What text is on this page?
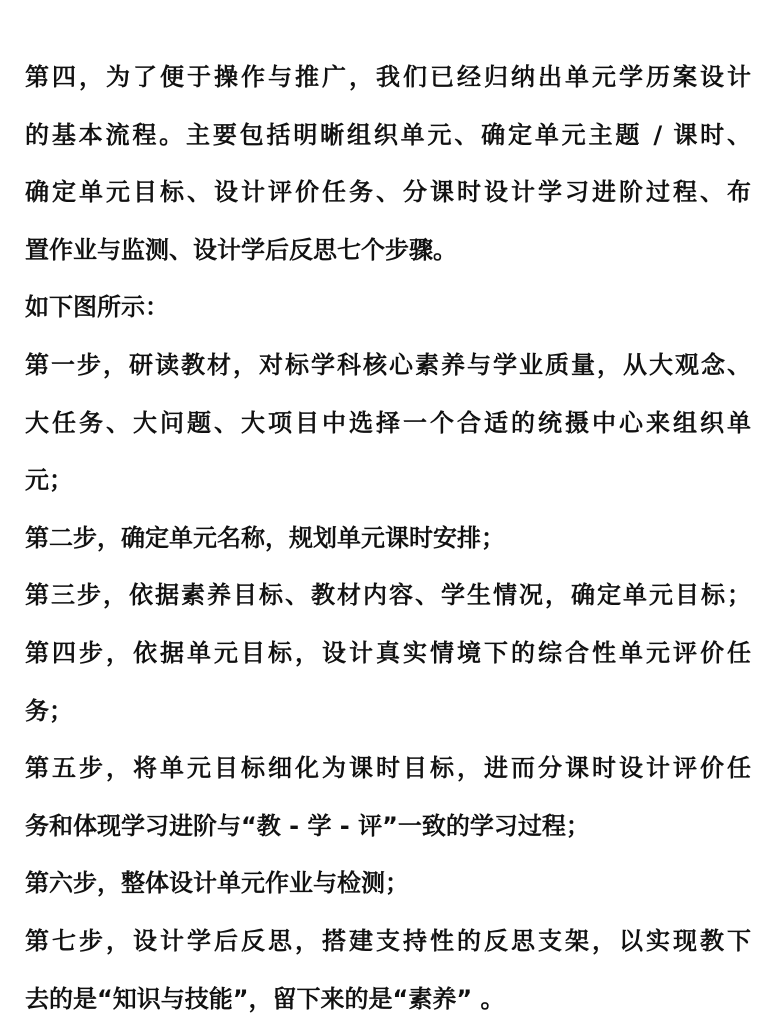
第四，为了便于操作与推广，我们已经归纳出单元学历案设计
的基本流程。主要包括明晰组织单元、确定单元主题 / 课时、
确定单元目标、设计评价任务、分课时设计学习进阶过程、布
置作业与监测、设计学后反思七个步骤。
如下图所示：
第一步，研读教材，对标学科核心素养与学业质量，从大观念、
大任务、大问题、大项目中选择一个合适的统摄中心来组织单
元；
第二步，确定单元名称，规划单元课时安排；
第三步，依据素养目标、教材内容、学生情况，确定单元目标；
第四步，依据单元目标，设计真实情境下的综合性单元评价任
务；
第五步，将单元目标细化为课时目标，进而分课时设计评价任
务和体现学习进阶与“教 - 学 - 评”一致的学习过程；
第六步，整体设计单元作业与检测；
第七步，设计学后反思，搭建支持性的反思支架，以实现教下
去的是“知识与技能”，留下来的是“素养” 。
